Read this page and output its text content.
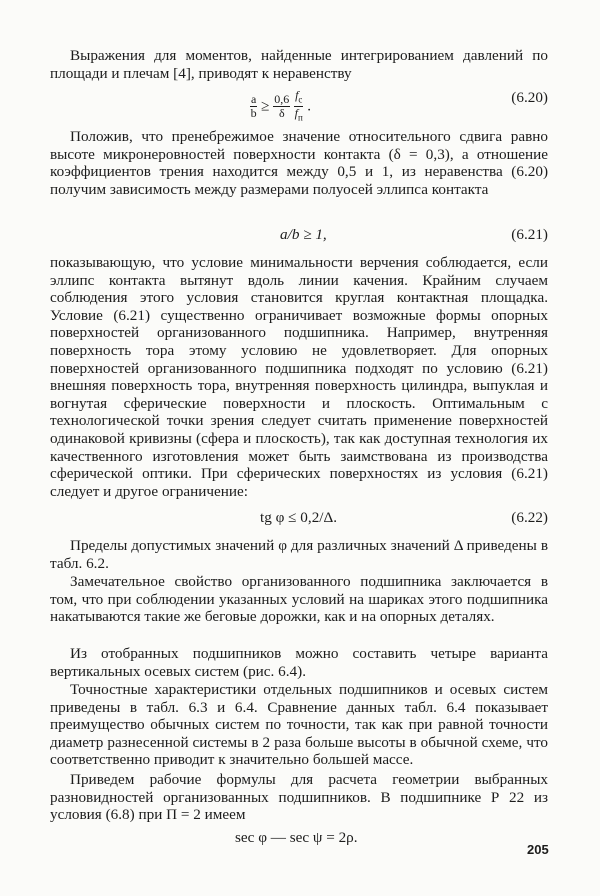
Выражения для моментов, найденные интегрированием давлений по площади и плечам [4], приводят к неравенству

$\frac{a}{b} \ge \frac{0,6}{\delta}$
$\frac{f_c}{f_п}$ .	(6.20)

Положив, что пренебрежимое значение относительного сдвига равно высоте микронеровностей поверхности контакта (δ = 0,3), а отношение коэффициентов трения находится между 0,5 и 1, из неравенства (6.20) получим зависимость между размерами полуосей эллипса контакта

a/b ≥ 1,	(6.21)

показывающую, что условие минимальности верчения соблюдается, если эллипс контакта вытянут вдоль линии качения. Крайним случаем соблюдения этого условия становится круглая контактная площадка. Условие (6.21) существенно ограничивает возможные формы опорных поверхностей организованного подшипника. Например, внутренняя поверхность тора этому условию не удовлетворяет. Для опорных поверхностей организованного подшипника подходят по условию (6.21) внешняя поверхность тора, внутренняя поверхность цилиндра, выпуклая и вогнутая сферические поверхности и плоскость. Оптимальным с технологической точки зрения следует считать применение поверхностей одинаковой кривизны (сфера и плоскость), так как доступная технология их качественного изготовления может быть заимствована из производства сферической оптики. При сферических поверхностях из условия (6.21) следует и другое ограничение:

tg φ ≤ 0,2/Δ.	(6.22)

Пределы допустимых значений φ для различных значений Δ приведены в табл. 6.2.

Замечательное свойство организованного подшипника заключается в том, что при соблюдении указанных условий на шариках этого подшипника накатываются такие же беговые дорожки, как и на опорных деталях.

Из отобранных подшипников можно составить четыре варианта вертикальных осевых систем (рис. 6.4).

Точностные характеристики отдельных подшипников и осевых систем приведены в табл. 6.3 и 6.4. Сравнение данных табл. 6.4 показывает преимущество обычных систем по точности, так как при равной точности диаметр разнесенной системы в 2 раза больше высоты в обычной схеме, что соответственно приводит к значительно большей массе.

Приведем рабочие формулы для расчета геометрии выбранных разновидностей организованных подшипников. В подшипнике Р 22 из условия (6.8) при Π = 2 имеем

sec φ — sec ψ = 2ρ.
205
